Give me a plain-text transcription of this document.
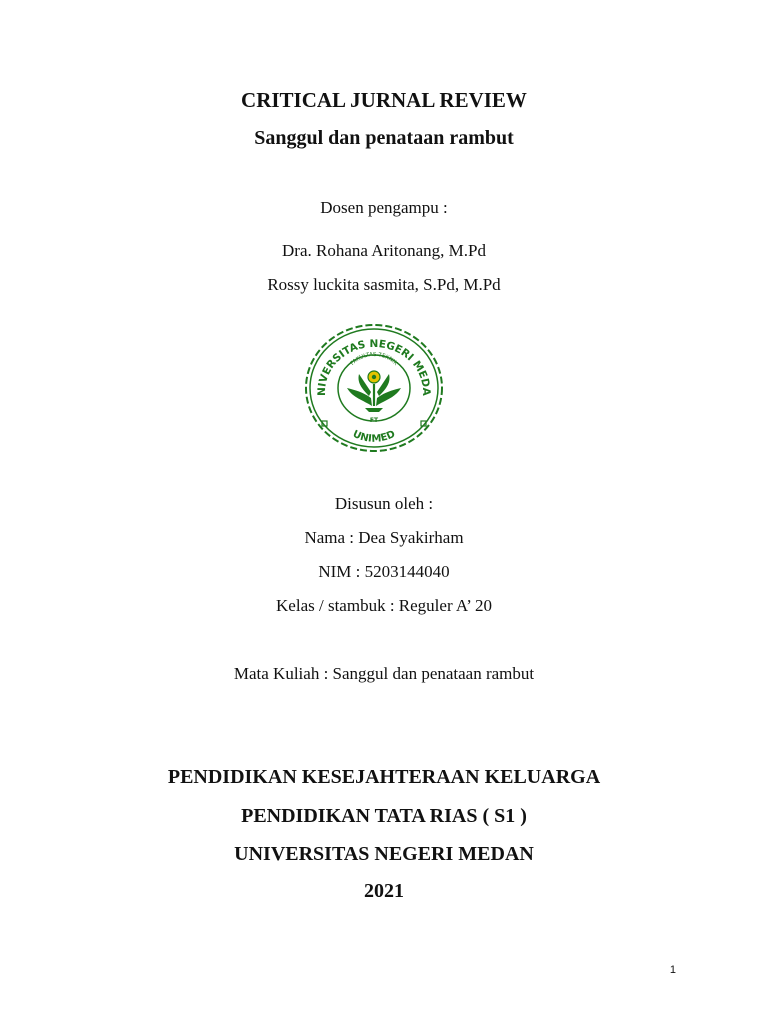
CRITICAL JURNAL REVIEW
Sanggul dan penataan rambut
Dosen pengampu :
Dra. Rohana Aritonang, M.Pd
Rossy luckita sasmita, S.Pd, M.Pd
NIVERSITAS NEGERI MEDA
UNIMED
FAKULTAS TEKNIK
FT
Disusun oleh :
Nama : Dea Syakirham
NIM : 5203144040
Kelas / stambuk : Reguler A’ 20
Mata Kuliah : Sanggul dan penataan rambut
PENDIDIKAN KESEJAHTERAAN KELUARGA
PENDIDIKAN TATA RIAS ( S1 )
UNIVERSITAS NEGERI MEDAN
2021
1
